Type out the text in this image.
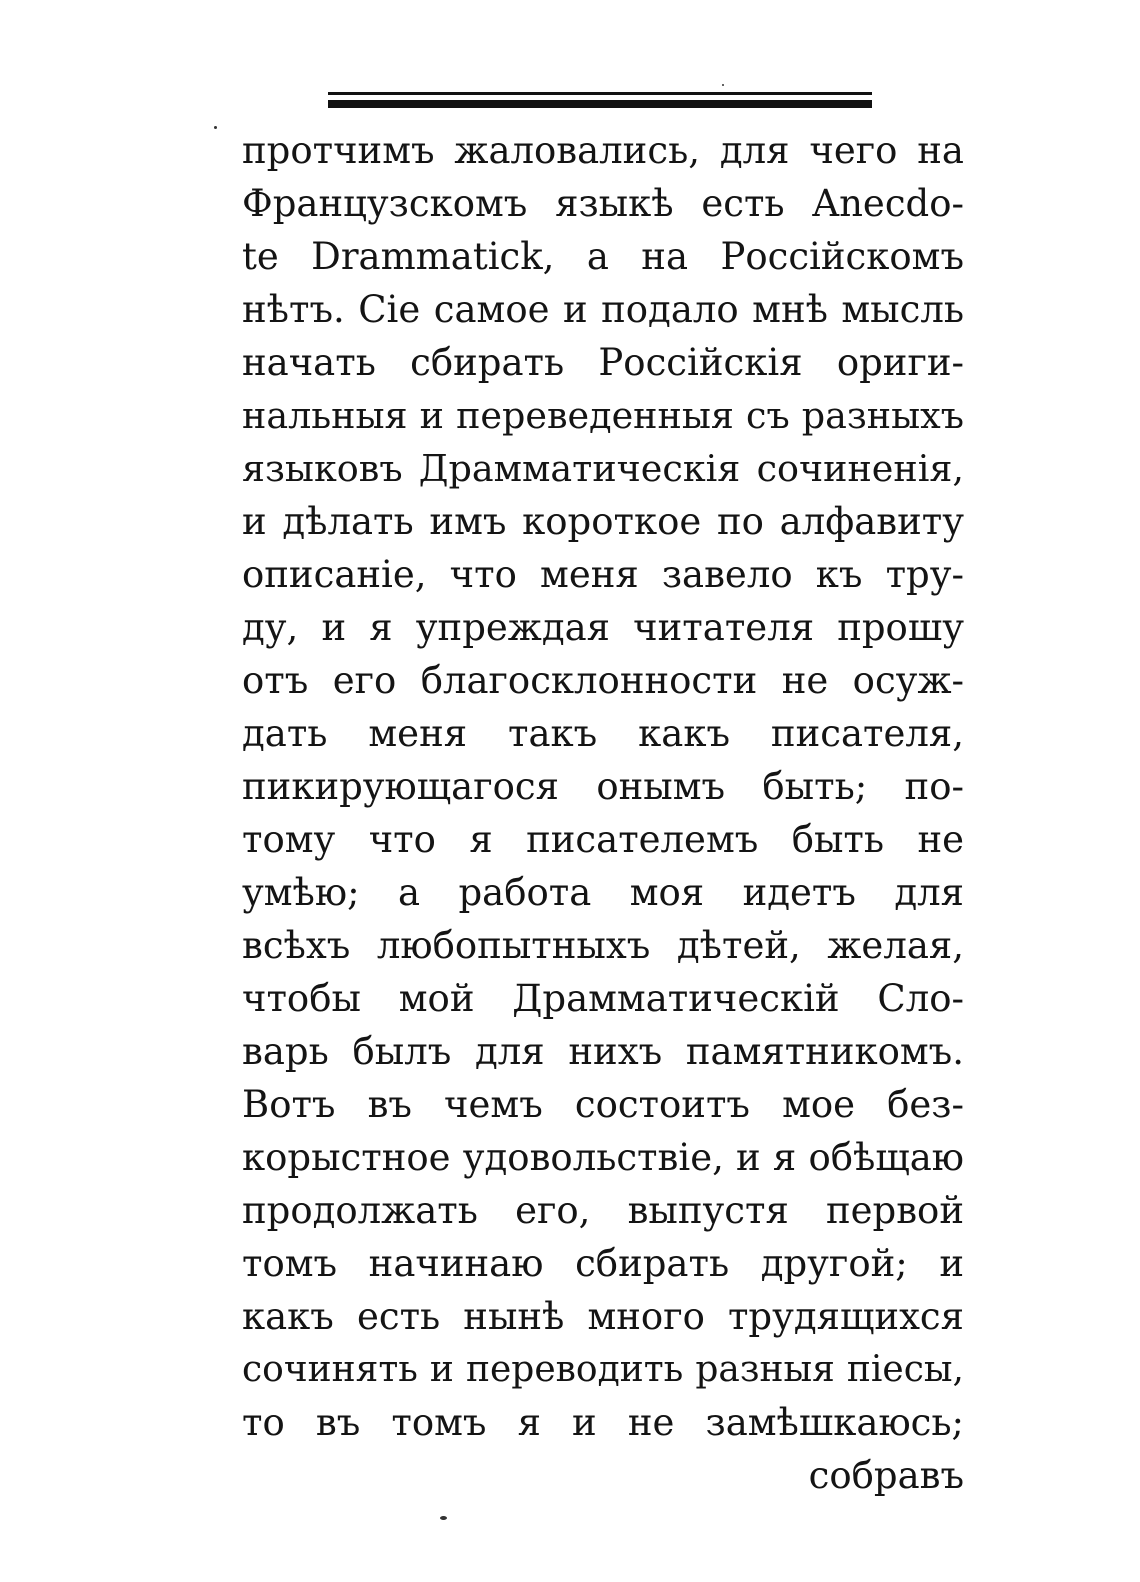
протчимъ жаловались, для чего на
Французскомъ языкѣ есть Anecdo-
te Drammatick, а на Россійскомъ
нѣтъ. Сіе самое и подало мнѣ мысль
начать сбирать Россійскія ориги-
нальныя и переведенныя съ разныхъ
языковъ Драмматическія сочиненія,
и дѣлать имъ короткое по алфавиту
описаніе, что меня завело къ тру-
ду, и я упреждая читателя прошу
отъ его благосклонности не осуж-
дать меня такъ какъ писателя,
пикирующагося онымъ быть; по-
тому что я писателемъ быть не
умѣю; а работа моя идетъ для
всѣхъ любопытныхъ дѣтей, желая,
чтобы мой Драмматическій Сло-
варь былъ для нихъ памятникомъ.
Вотъ въ чемъ состоитъ мое без-
корыстное удовольствіе, и я обѣщаю
продолжать его, выпустя первой
томъ начинаю сбирать другой; и
какъ есть нынѣ много трудящихся
сочинять и переводить разныя піесы,
то въ томъ я и не замѣшкаюсь;
собравъ
